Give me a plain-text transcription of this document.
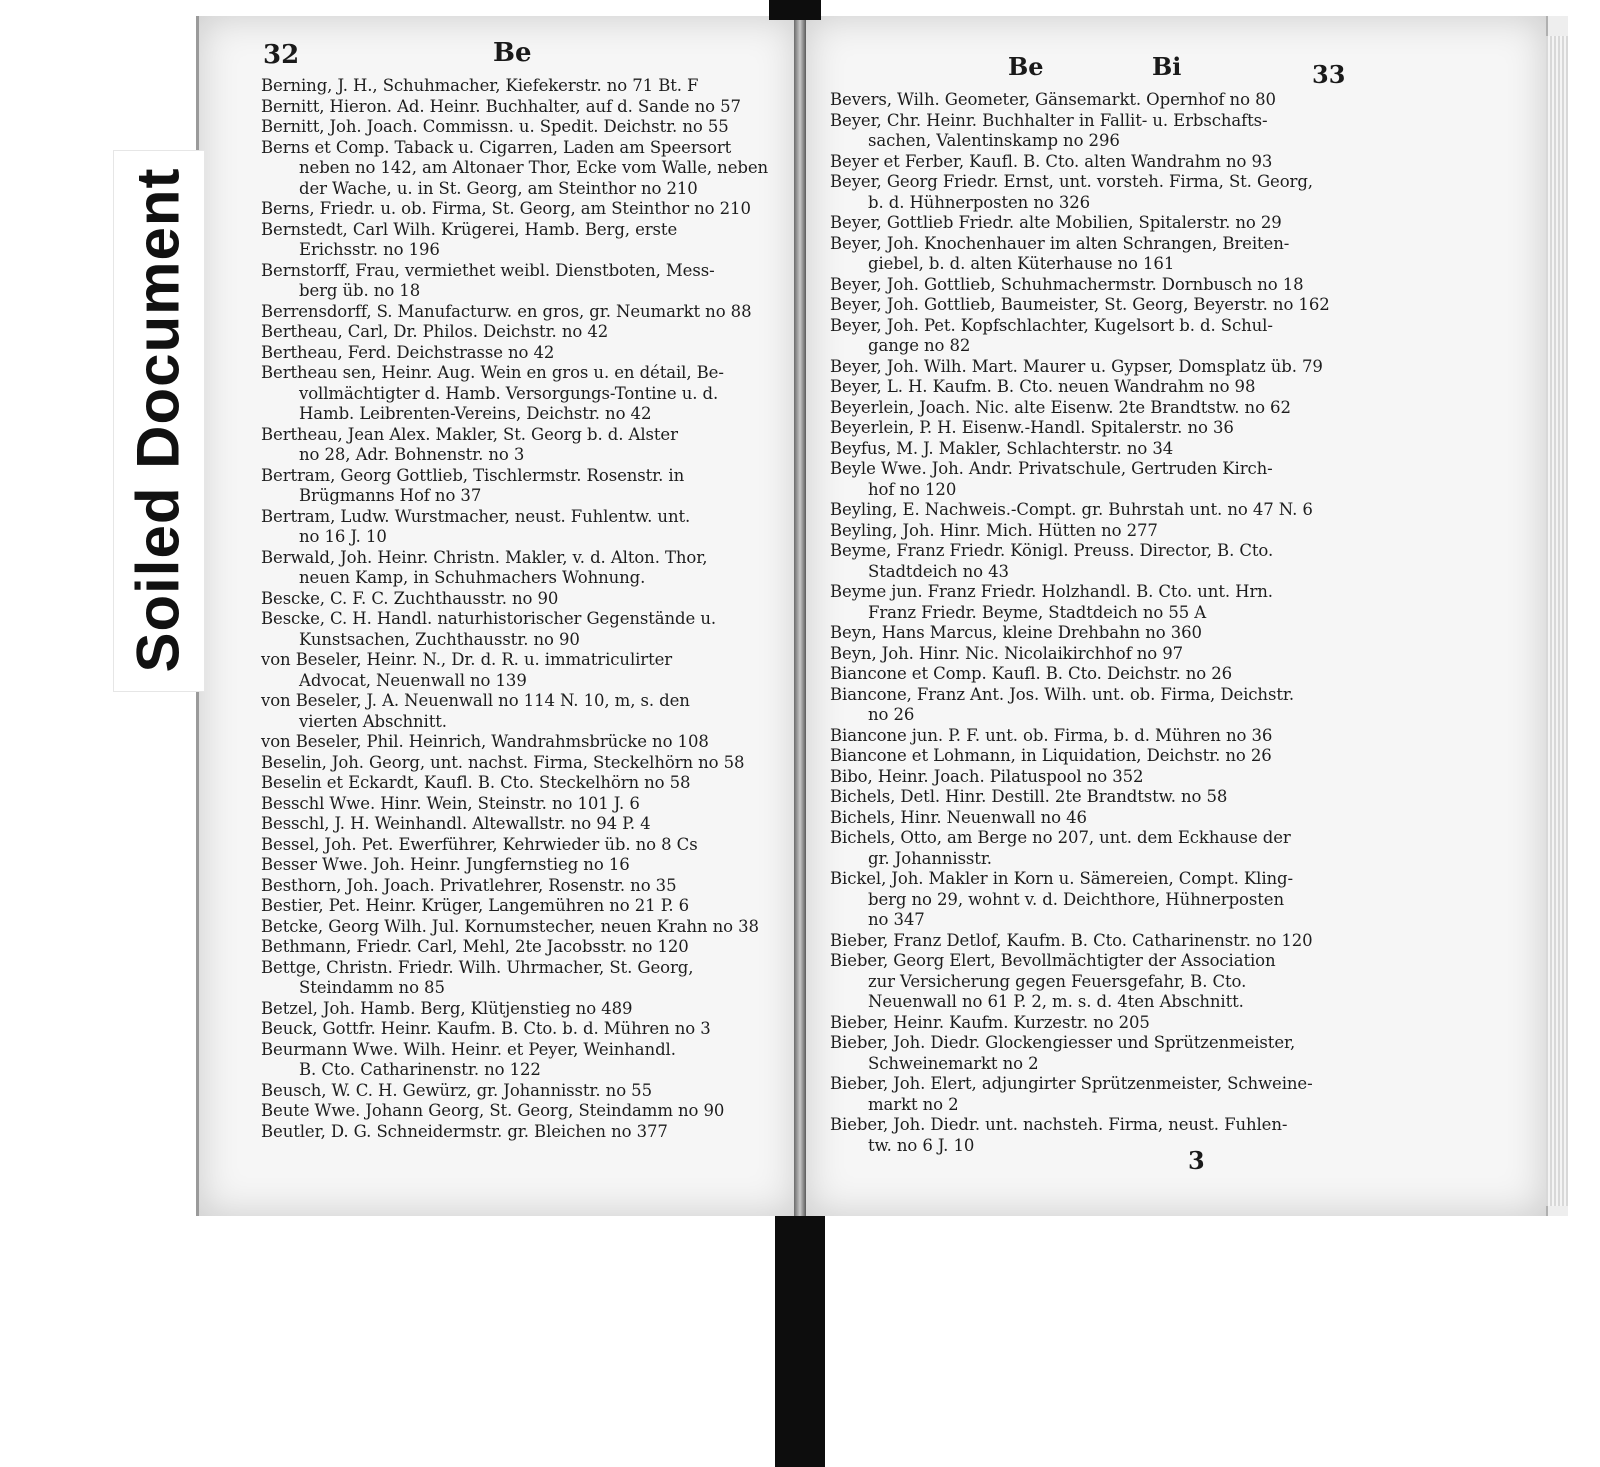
32	Be
Berning, J. H., Schuhmacher, Kiefekerstr. no 71 Bt. F
Bernitt, Hieron. Ad. Heinr. Buchhalter, auf d. Sande no 57
Bernitt, Joh. Joach. Commissn. u. Spedit. Deichstr. no 55
Berns et Comp. Taback u. Cigarren, Laden am Speersort
neben no 142, am Altonaer Thor, Ecke vom Walle, neben
der Wache, u. in St. Georg, am Steinthor no 210
Berns, Friedr. u. ob. Firma, St. Georg, am Steinthor no 210
Bernstedt, Carl Wilh. Krügerei, Hamb. Berg, erste
Erichsstr. no 196
Bernstorff, Frau, vermiethet weibl. Dienstboten, Mess-
berg üb. no 18
Berrensdorff, S. Manufacturw. en gros, gr. Neumarkt no 88
Bertheau, Carl, Dr. Philos. Deichstr. no 42
Bertheau, Ferd. Deichstrasse no 42
Bertheau sen, Heinr. Aug. Wein en gros u. en détail, Be-
vollmächtigter d. Hamb. Versorgungs-Tontine u. d.
Hamb. Leibrenten-Vereins, Deichstr. no 42
Bertheau, Jean Alex. Makler, St. Georg b. d. Alster
no 28, Adr. Bohnenstr. no 3
Bertram, Georg Gottlieb, Tischlermstr. Rosenstr. in
Brügmanns Hof no 37
Bertram, Ludw. Wurstmacher, neust. Fuhlentw. unt.
no 16 J. 10
Berwald, Joh. Heinr. Christn. Makler, v. d. Alton. Thor,
neuen Kamp, in Schuhmachers Wohnung.
Bescke, C. F. C. Zuchthausstr. no 90
Bescke, C. H. Handl. naturhistorischer Gegenstände u.
Kunstsachen, Zuchthausstr. no 90
von Beseler, Heinr. N., Dr. d. R. u. immatriculirter
Advocat, Neuenwall no 139
von Beseler, J. A. Neuenwall no 114 N. 10, m, s. den
vierten Abschnitt.
von Beseler, Phil. Heinrich, Wandrahmsbrücke no 108
Beselin, Joh. Georg, unt. nachst. Firma, Steckelhörn no 58
Beselin et Eckardt, Kaufl. B. Cto. Steckelhörn no 58
Besschl Wwe. Hinr. Wein, Steinstr. no 101 J. 6
Besschl, J. H. Weinhandl. Altewallstr. no 94 P. 4
Bessel, Joh. Pet. Ewerführer, Kehrwieder üb. no 8 Cs
Besser Wwe. Joh. Heinr. Jungfernstieg no 16
Besthorn, Joh. Joach. Privatlehrer, Rosenstr. no 35
Bestier, Pet. Heinr. Krüger, Langemühren no 21 P. 6
Betcke, Georg Wilh. Jul. Kornumstecher, neuen Krahn no 38
Bethmann, Friedr. Carl, Mehl, 2te Jacobsstr. no 120
Bettge, Christn. Friedr. Wilh. Uhrmacher, St. Georg,
Steindamm no 85
Betzel, Joh. Hamb. Berg, Klütjenstieg no 489
Beuck, Gottfr. Heinr. Kaufm. B. Cto. b. d. Mühren no 3
Beurmann Wwe. Wilh. Heinr. et Peyer, Weinhandl.
B. Cto. Catharinenstr. no 122
Beusch, W. C. H. Gewürz, gr. Johannisstr. no 55
Beute Wwe. Johann Georg, St. Georg, Steindamm no 90
Beutler, D. G. Schneidermstr. gr. Bleichen no 377
Be	Bi	33
Bevers, Wilh. Geometer, Gänsemarkt. Opernhof no 80
Beyer, Chr. Heinr. Buchhalter in Fallit- u. Erbschafts-
sachen, Valentinskamp no 296
Beyer et Ferber, Kaufl. B. Cto. alten Wandrahm no 93
Beyer, Georg Friedr. Ernst, unt. vorsteh. Firma, St. Georg,
b. d. Hühnerposten no 326
Beyer, Gottlieb Friedr. alte Mobilien, Spitalerstr. no 29
Beyer, Joh. Knochenhauer im alten Schrangen, Breiten-
giebel, b. d. alten Küterhause no 161
Beyer, Joh. Gottlieb, Schuhmachermstr. Dornbusch no 18
Beyer, Joh. Gottlieb, Baumeister, St. Georg, Beyerstr. no 162
Beyer, Joh. Pet. Kopfschlachter, Kugelsort b. d. Schul-
gange no 82
Beyer, Joh. Wilh. Mart. Maurer u. Gypser, Domsplatz üb. 79
Beyer, L. H. Kaufm. B. Cto. neuen Wandrahm no 98
Beyerlein, Joach. Nic. alte Eisenw. 2te Brandtstw. no 62
Beyerlein, P. H. Eisenw.-Handl. Spitalerstr. no 36
Beyfus, M. J. Makler, Schlachterstr. no 34
Beyle Wwe. Joh. Andr. Privatschule, Gertruden Kirch-
hof no 120
Beyling, E. Nachweis.-Compt. gr. Buhrstah unt. no 47 N. 6
Beyling, Joh. Hinr. Mich. Hütten no 277
Beyme, Franz Friedr. Königl. Preuss. Director, B. Cto.
Stadtdeich no 43
Beyme jun. Franz Friedr. Holzhandl. B. Cto. unt. Hrn.
Franz Friedr. Beyme, Stadtdeich no 55 A
Beyn, Hans Marcus, kleine Drehbahn no 360
Beyn, Joh. Hinr. Nic. Nicolaikirchhof no 97
Biancone et Comp. Kaufl. B. Cto. Deichstr. no 26
Biancone, Franz Ant. Jos. Wilh. unt. ob. Firma, Deichstr.
no 26
Biancone jun. P. F. unt. ob. Firma, b. d. Mühren no 36
Biancone et Lohmann, in Liquidation, Deichstr. no 26
Bibo, Heinr. Joach. Pilatuspool no 352
Bichels, Detl. Hinr. Destill. 2te Brandtstw. no 58
Bichels, Hinr. Neuenwall no 46
Bichels, Otto, am Berge no 207, unt. dem Eckhause der
gr. Johannisstr.
Bickel, Joh. Makler in Korn u. Sämereien, Compt. Kling-
berg no 29, wohnt v. d. Deichthore, Hühnerposten
no 347
Bieber, Franz Detlof, Kaufm. B. Cto. Catharinenstr. no 120
Bieber, Georg Elert, Bevollmächtigter der Association
zur Versicherung gegen Feuersgefahr, B. Cto.
Neuenwall no 61 P. 2, m. s. d. 4ten Abschnitt.
Bieber, Heinr. Kaufm. Kurzestr. no 205
Bieber, Joh. Diedr. Glockengiesser und Sprützenmeister,
Schweinemarkt no 2
Bieber, Joh. Elert, adjungirter Sprützenmeister, Schweine-
markt no 2
Bieber, Joh. Diedr. unt. nachsteh. Firma, neust. Fuhlen-
tw. no 6 J. 10
3
Soiled Document
